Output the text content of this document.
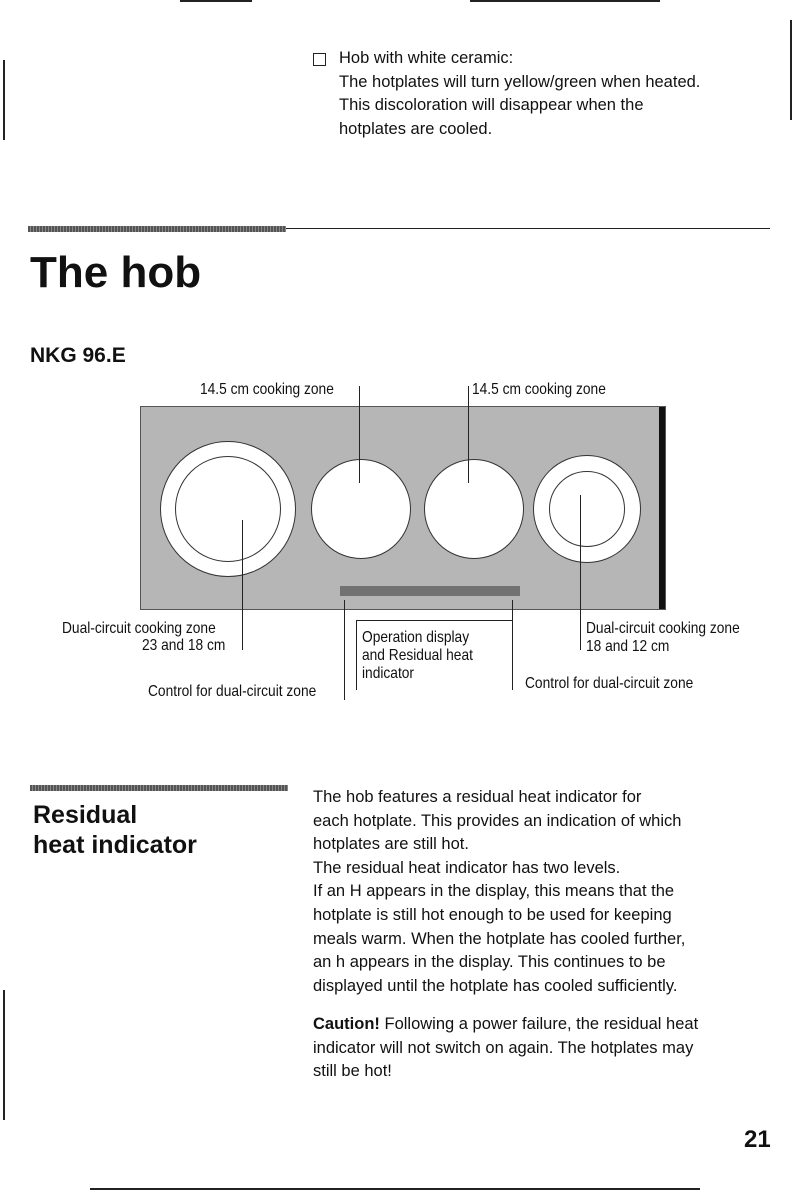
Hob with white ceramic:

The hotplates will turn yellow/green when heated.

This discoloration will disappear when the

hotplates are cooled.

The hob
NKG 96.E
14.5 cm cooking zone	14.5 cm cooking zone
Dual-circuit cooking zone
23 and 18 cm
Control for dual-circuit zone
Operation display
and Residual heat
indicator
Dual-circuit cooking zone
18 and 12 cm
Control for dual-circuit zone
Residual
heat indicator

The hob features a residual heat indicator for

each hotplate. This provides an indication of which

hotplates are still hot.

The residual heat indicator has two levels.

If an H appears in the display, this means that the

hotplate is still hot enough to be used for keeping

meals warm. When the hotplate has cooled further,

an h appears in the display. This continues to be

displayed until the hotplate has cooled sufficiently.

Caution! Following a power failure, the residual heat

indicator will not switch on again. The hotplates may

still be hot!

21
